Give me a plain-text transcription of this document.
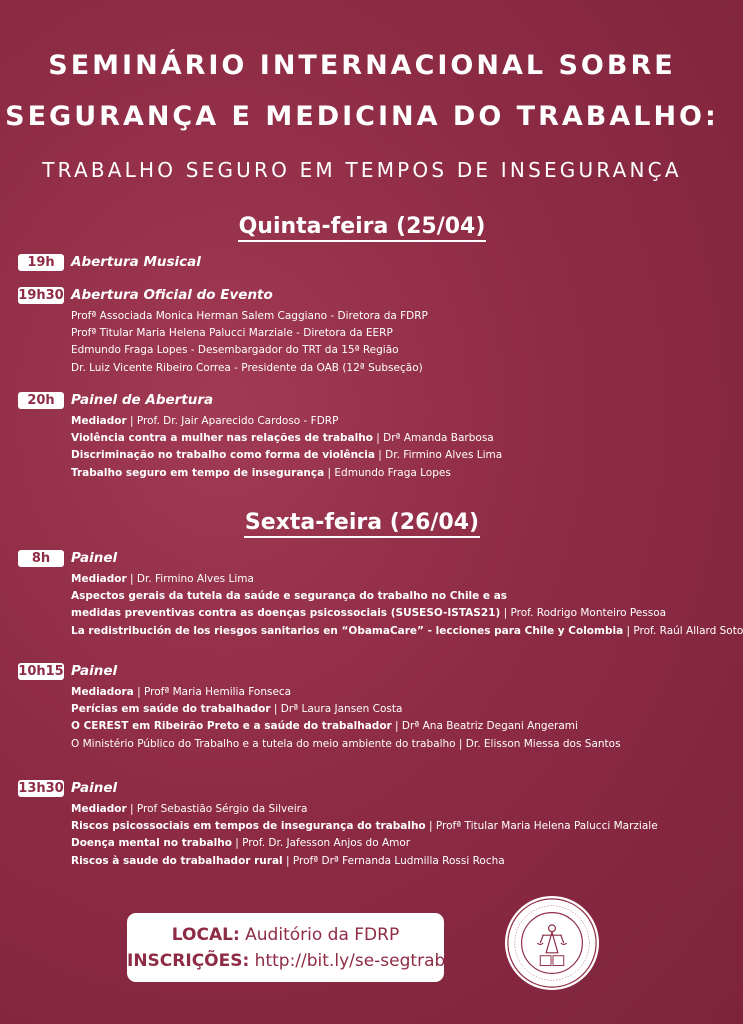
SEMINÁRIO INTERNACIONAL SOBRE
SEGURANÇA E MEDICINA DO TRABALHO:
TRABALHO SEGURO EM TEMPOS DE INSEGURANÇA
Quinta-feira (25/04)
19h	Abertura Musical
19h30 Abertura Oficial do Evento
Profª Associada Monica Herman Salem Caggiano - Diretora da FDRP
Profª Titular Maria Helena Palucci Marziale - Diretora da EERP
Edmundo Fraga Lopes - Desembargador do TRT da 15ª Região
Dr. Luiz Vicente Ribeiro Correa - Presidente da OAB (12ª Subseção)
20h	Painel de Abertura
Mediador | Prof. Dr. Jair Aparecido Cardoso - FDRP
Violência contra a mulher nas relações de trabalho | Drª Amanda Barbosa
Discriminação no trabalho como forma de violência | Dr. Firmino Alves Lima
Trabalho seguro em tempo de insegurança | Edmundo Fraga Lopes
Sexta-feira (26/04)
8h	Painel
Mediador | Dr. Firmino Alves Lima
Aspectos gerais da tutela da saúde e segurança do trabalho no Chile e as
medidas preventivas contra as doenças psicossociais (SUSESO-ISTAS21) | Prof. Rodrigo Monteiro Pessoa
La redistribución de los riesgos sanitarios en “ObamaCare” - lecciones para Chile y Colombia | Prof. Raúl Allard Soto
10h15 Painel
Mediadora | Profª Maria Hemilia Fonseca
Perícias em saúde do trabalhador | Drª Laura Jansen Costa
O CEREST em Ribeirão Preto e a saúde do trabalhador | Drª Ana Beatriz Degani Angerami
O Ministério Público do Trabalho e a tutela do meio ambiente do trabalho | Dr. Elisson Miessa dos Santos
13h30 Painel
Mediador | Prof Sebastião Sérgio da Silveira
Riscos psicossociais em tempos de insegurança do trabalho | Profª Titular Maria Helena Palucci Marziale
Doença mental no trabalho | Prof. Dr. Jafesson Anjos do Amor
Riscos à saude do trabalhador rural | Profª Drª Fernanda Ludmilla Rossi Rocha
LOCAL: Auditório da FDRP
INSCRIÇÕES: http://bit.ly/se-segtrab
